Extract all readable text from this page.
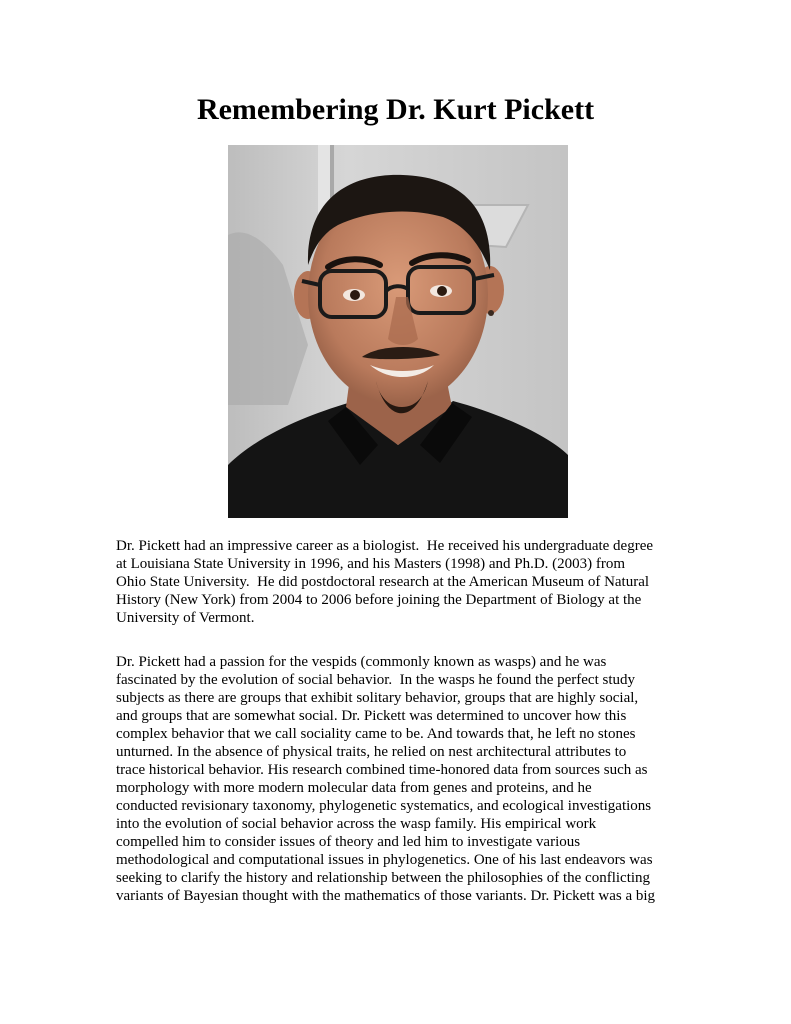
Remembering Dr. Kurt Pickett
Dr. Pickett had an impressive career as a biologist.  He received his undergraduate degree
at Louisiana State University in 1996, and his Masters (1998) and Ph.D. (2003) from
Ohio State University.  He did postdoctoral research at the American Museum of Natural
History (New York) from 2004 to 2006 before joining the Department of Biology at the
University of Vermont.
Dr. Pickett had a passion for the vespids (commonly known as wasps) and he was
fascinated by the evolution of social behavior.  In the wasps he found the perfect study
subjects as there are groups that exhibit solitary behavior, groups that are highly social,
and groups that are somewhat social. Dr. Pickett was determined to uncover how this
complex behavior that we call sociality came to be. And towards that, he left no stones
unturned. In the absence of physical traits, he relied on nest architectural attributes to
trace historical behavior. His research combined time-honored data from sources such as
morphology with more modern molecular data from genes and proteins, and he
conducted revisionary taxonomy, phylogenetic systematics, and ecological investigations
into the evolution of social behavior across the wasp family. His empirical work
compelled him to consider issues of theory and led him to investigate various
methodological and computational issues in phylogenetics. One of his last endeavors was
seeking to clarify the history and relationship between the philosophies of the conflicting
variants of Bayesian thought with the mathematics of those variants. Dr. Pickett was a big
